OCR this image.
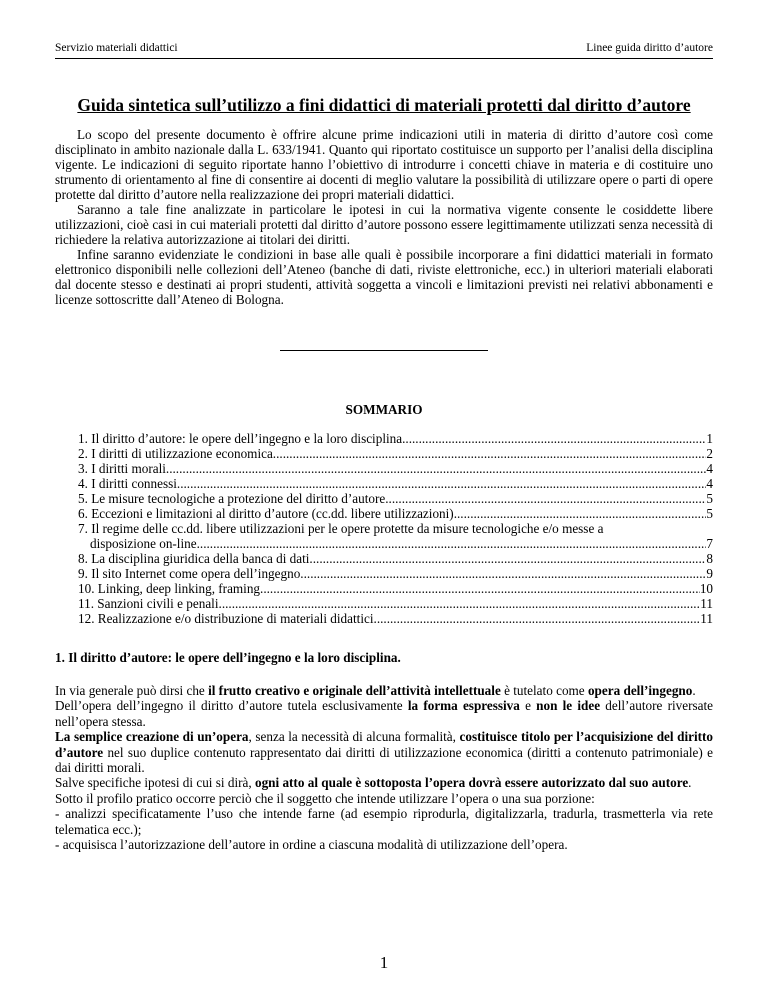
Servizio materiali didattici	Linee guida diritto d’autore
Guida sintetica sull’utilizzo a fini didattici di materiali protetti dal diritto d’autore

Lo scopo del presente documento è offrire alcune prime indicazioni utili in materia di diritto d’autore così come disciplinato in ambito nazionale dalla L. 633/1941. Quanto qui riportato costituisce un supporto per l’analisi della disciplina vigente. Le indicazioni di seguito riportate hanno l’obiettivo di introdurre i concetti chiave in materia e di costituire uno strumento di orientamento al fine di consentire ai docenti di meglio valutare la possibilità di utilizzare opere o parti di opere protette dal diritto d’autore nella realizzazione dei propri materiali didattici.

Saranno a tale fine analizzate in particolare le ipotesi in cui la normativa vigente consente le cosiddette libere utilizzazioni, cioè casi in cui materiali protetti dal diritto d’autore possono essere legittimamente utilizzati senza necessità di richiedere la relativa autorizzazione ai titolari dei diritti.

Infine saranno evidenziate le condizioni in base alle quali è possibile incorporare a fini didattici materiali in formato elettronico disponibili nelle collezioni dell’Ateneo (banche di dati, riviste elettroniche, ecc.) in ulteriori materiali elaborati dal docente stesso e destinati ai propri studenti, attività soggetta a vincoli e limitazioni previsti nei relativi abbonamenti e licenze sottoscritte dall’Ateneo di Bologna.

SOMMARIO
1. Il diritto d’autore: le opere dell’ingegno e la loro disciplina. .....	1
2. I diritti di utilizzazione economica. .....	2
3. I diritti morali. .....	4
4. I diritti connessi. .....	4
5. Le misure tecnologiche a protezione del diritto d’autore. .....	5
6. Eccezioni e limitazioni al diritto d’autore (cc.dd. libere utilizzazioni). .....	5
7. Il regime delle cc.dd. libere utilizzazioni per le opere protette da misure tecnologiche e/o messe a
disposizione on-line. .....	7
8. La disciplina giuridica della banca di dati. .....	8
9. Il sito Internet come opera dell’ingegno. .....	9
10. Linking, deep linking, framing. .....	10
11. Sanzioni civili e penali. .....	11
12. Realizzazione e/o distribuzione di materiali didattici. .....	11
1. Il diritto d’autore: le opere dell’ingegno e la loro disciplina.

In via generale può dirsi che il frutto creativo e originale dell’attività intellettuale è tutelato come opera dell’ingegno.

Dell’opera dell’ingegno il diritto d’autore tutela esclusivamente la forma espressiva e non le idee dell’autore riversate nell’opera stessa.

La semplice creazione di un’opera, senza la necessità di alcuna formalità, costituisce titolo per l’acquisizione del diritto d’autore nel suo duplice contenuto rappresentato dai diritti di utilizzazione economica (diritti a contenuto patrimoniale) e dai diritti morali.

Salve specifiche ipotesi di cui si dirà, ogni atto al quale è sottoposta l’opera dovrà essere autorizzato dal suo autore.

Sotto il profilo pratico occorre perciò che il soggetto che intende utilizzare l’opera o una sua porzione:

- analizzi specificatamente l’uso che intende farne (ad esempio riprodurla, digitalizzarla, tradurla, trasmetterla via rete telematica ecc.);

- acquisisca l’autorizzazione dell’autore in ordine a ciascuna modalità di utilizzazione dell’opera.

1
